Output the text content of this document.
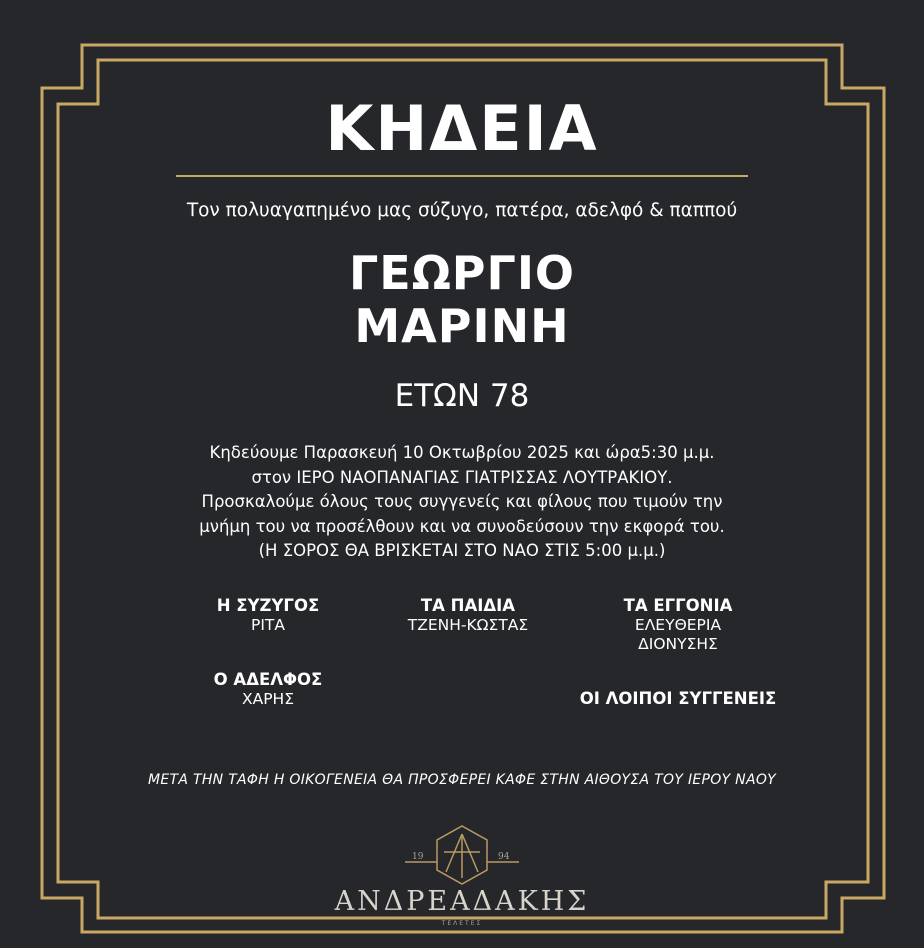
ΚΗΔΕΙΑ
Τον πολυαγαπημένο μας σύζυγο, πατέρα, αδελφό & παππού
ΓΕΩΡΓΙΟ
ΜΑΡΙΝΗ
ΕΤΩΝ 78
Κηδεύουμε Παρασκευή 10 Οκτωβρίου 2025 και ώρα5:30 μ.μ.
στον ΙΕΡΟ ΝΑΟΠΑΝΑΓΙΑΣ ΓΙΑΤΡΙΣΣΑΣ ΛΟΥΤΡΑΚΙΟΥ.
Προσκαλούμε όλους τους συγγενείς και φίλους που τιμούν την
μνήμη του να προσέλθουν και να συνοδεύσουν την εκφορά του.
(Η ΣΟΡΟΣ ΘΑ ΒΡΙΣΚΕΤΑΙ ΣΤΟ ΝΑΟ ΣΤΙΣ 5:00 μ.μ.)
Η ΣΥΖΥΓΟΣ
ΡΙΤΑ
ΤΑ ΠΑΙΔΙΑ
ΤΖΕΝΗ-ΚΩΣΤΑΣ
ΤΑ ΕΓΓΟΝΙΑ
ΕΛΕΥΘΕΡΙΑ
ΔΙΟΝΥΣΗΣ
Ο ΑΔΕΛΦΟΣ
ΧΑΡΗΣ	ΟΙ ΛΟΙΠΟΙ ΣΥΓΓΕΝΕΙΣ
ΜΕΤΑ ΤΗΝ ΤΑΦΗ Η ΟΙΚΟΓΕΝΕΙΑ ΘΑ ΠΡΟΣΦΕΡΕΙ ΚΑΦΕ ΣΤΗΝ ΑΙΘΟΥΣΑ ΤΟΥ ΙΕΡΟΥ ΝΑΟΥ
19	94
ΑΝΔΡΕΑΔΑΚΗΣ
ΤΕΛΕΤΕΣ
